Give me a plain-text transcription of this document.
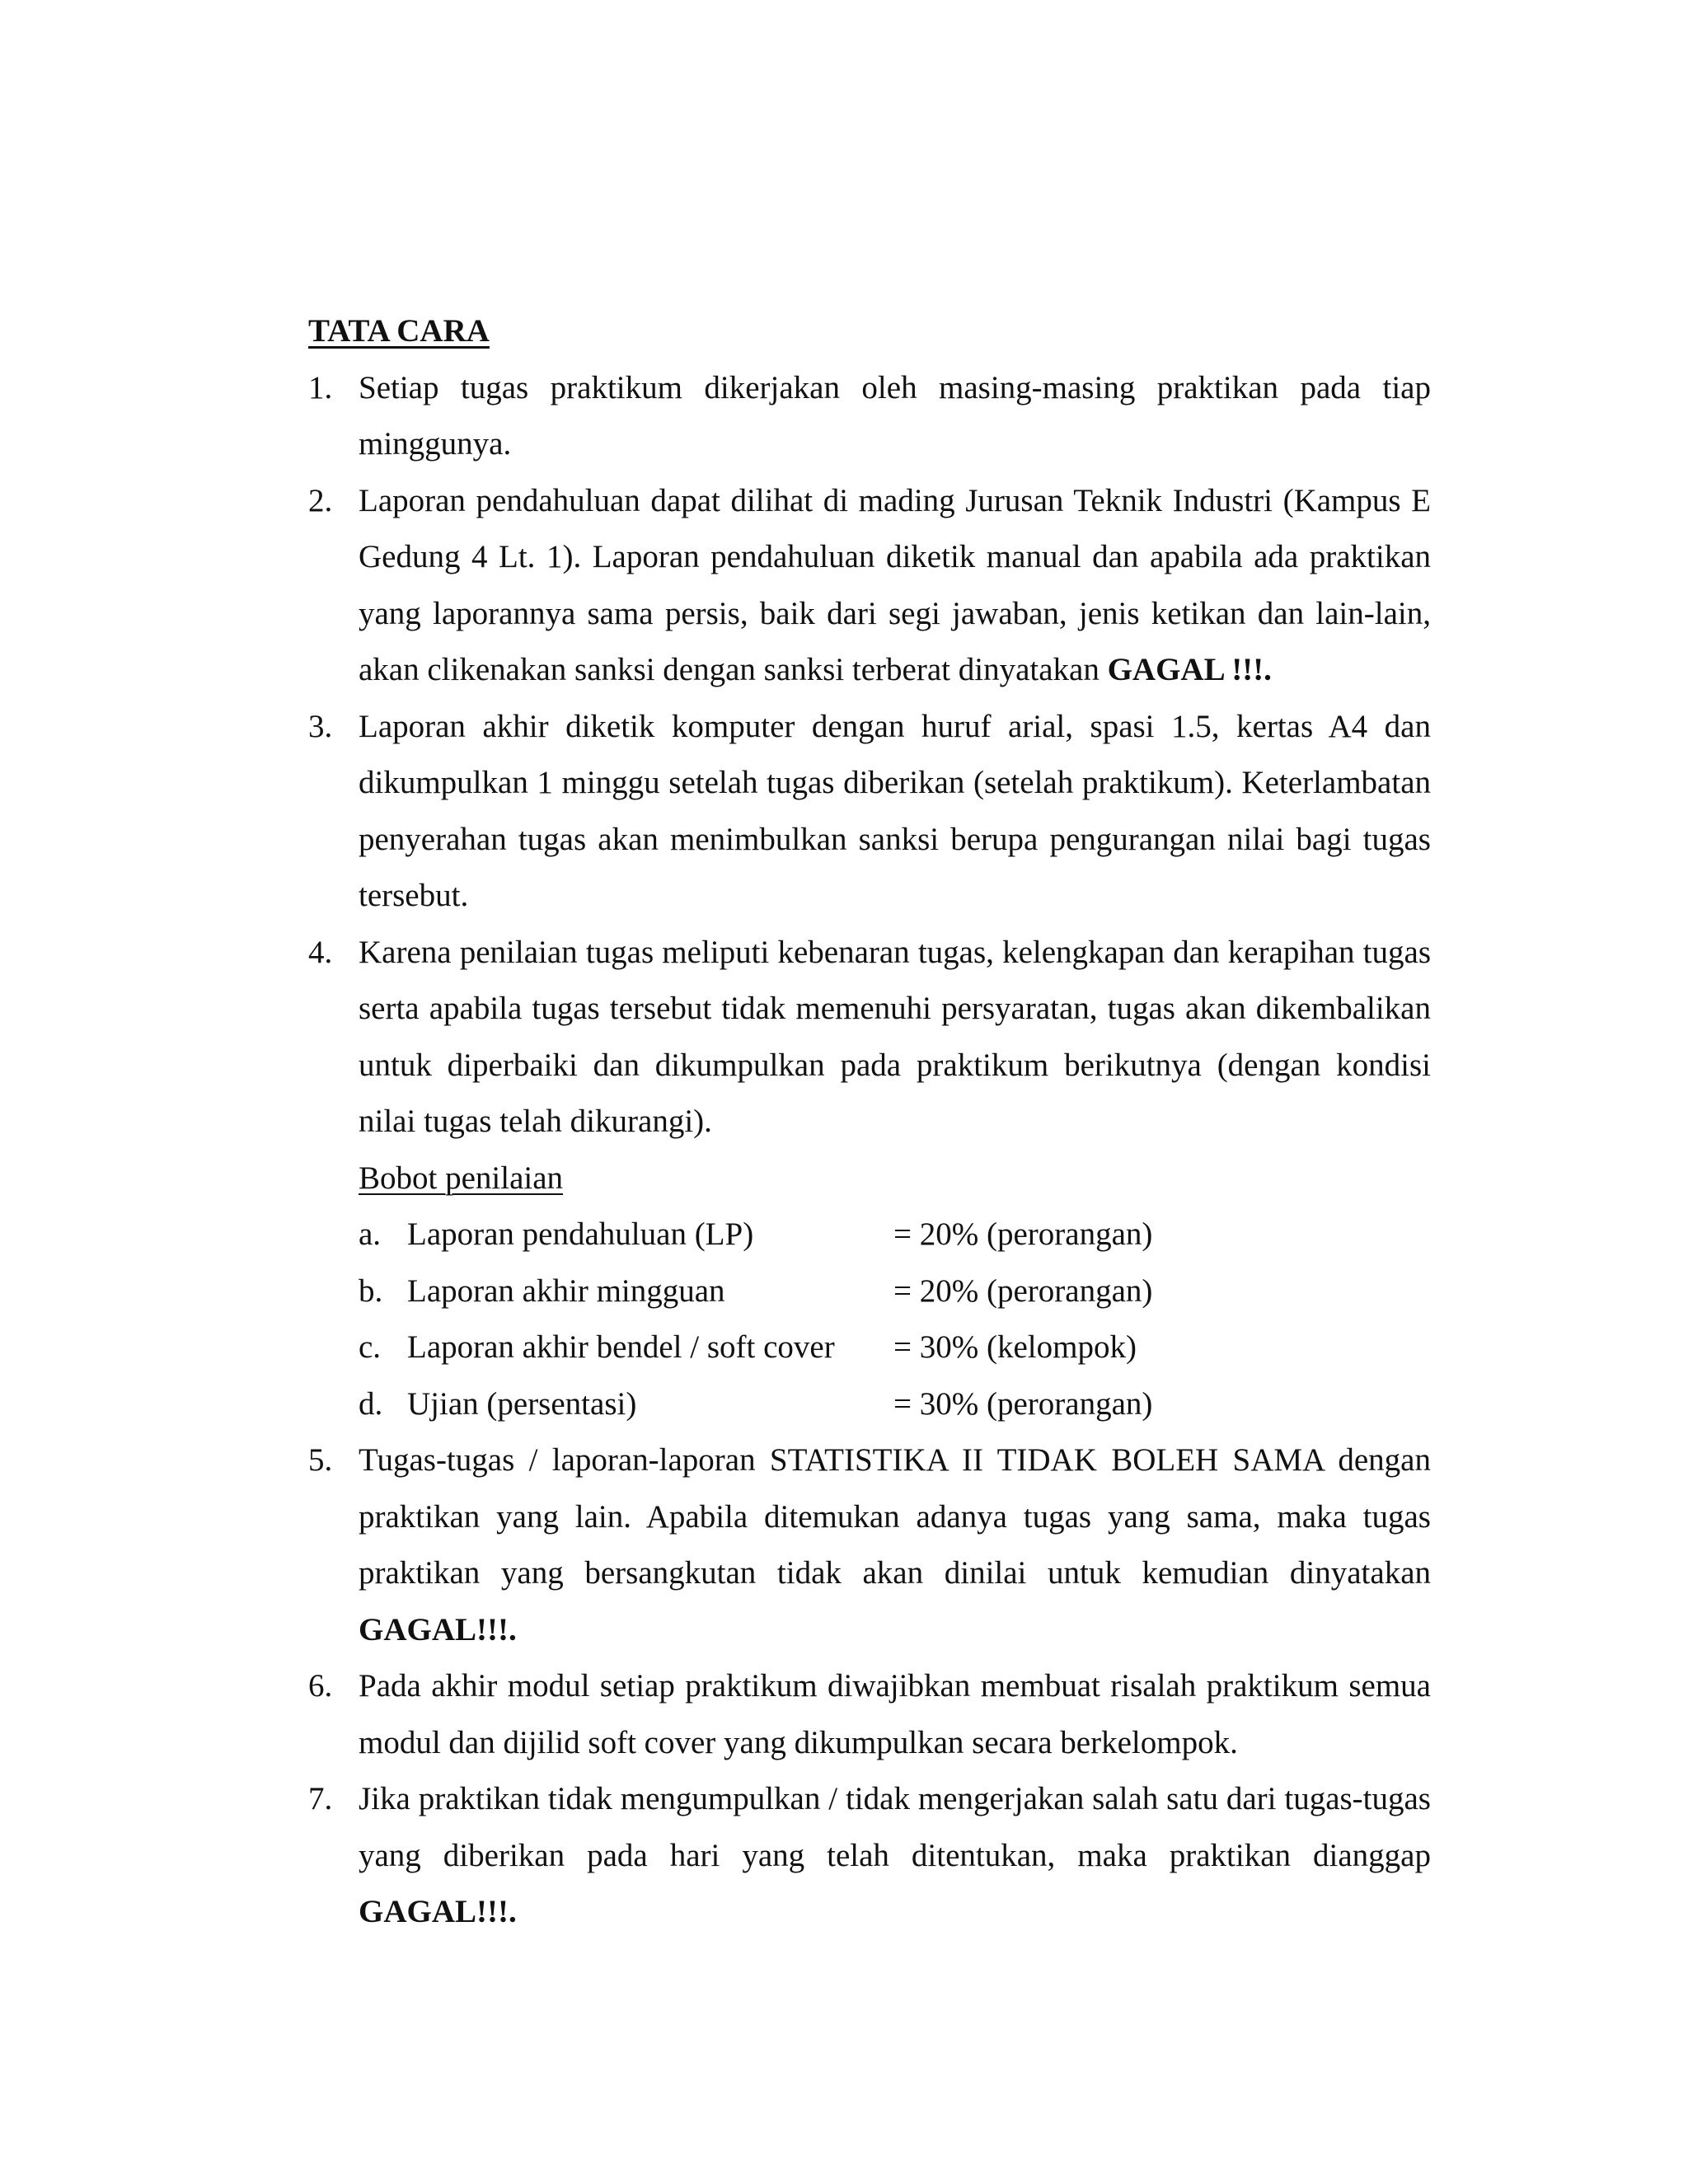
TATA CARA
1. Setiap tugas praktikum dikerjakan oleh masing-masing praktikan pada tiap minggunya.
2. Laporan pendahuluan dapat dilihat di mading Jurusan Teknik Industri (Kampus E Gedung 4 Lt. 1). Laporan pendahuluan diketik manual dan apabila ada praktikan yang laporannya sama persis, baik dari segi jawaban, jenis ketikan dan lain-lain, akan clikenakan sanksi dengan sanksi terberat dinyatakan GAGAL !!!.
3. Laporan akhir diketik komputer dengan huruf arial, spasi 1.5, kertas A4 dan dikumpulkan 1 minggu setelah tugas diberikan (setelah praktikum). Keterlambatan penyerahan tugas akan menimbulkan sanksi berupa pengurangan nilai bagi tugas tersebut.
4. Karena penilaian tugas meliputi kebenaran tugas, kelengkapan dan kerapihan tugas serta apabila tugas tersebut tidak memenuhi persyaratan, tugas akan dikembalikan untuk diperbaiki dan dikumpulkan pada praktikum berikutnya (dengan kondisi nilai tugas telah dikurangi).
Bobot penilaian
a. Laporan pendahuluan (LP)	= 20% (perorangan)
b. Laporan akhir mingguan	= 20% (perorangan)
c. Laporan akhir bendel / soft cover = 30% (kelompok)
d. Ujian (persentasi)	= 30% (perorangan)
5. Tugas-tugas / laporan-laporan STATISTIKA II TIDAK BOLEH SAMA dengan praktikan yang lain. Apabila ditemukan adanya tugas yang sama, maka tugas praktikan yang bersangkutan tidak akan dinilai untuk kemudian dinyatakan GAGAL!!!.
6. Pada akhir modul setiap praktikum diwajibkan membuat risalah praktikum semua modul dan dijilid soft cover yang dikumpulkan secara berkelompok.
7. Jika praktikan tidak mengumpulkan / tidak mengerjakan salah satu dari tugas-tugas yang diberikan pada hari yang telah ditentukan, maka praktikan dianggap GAGAL!!!.
